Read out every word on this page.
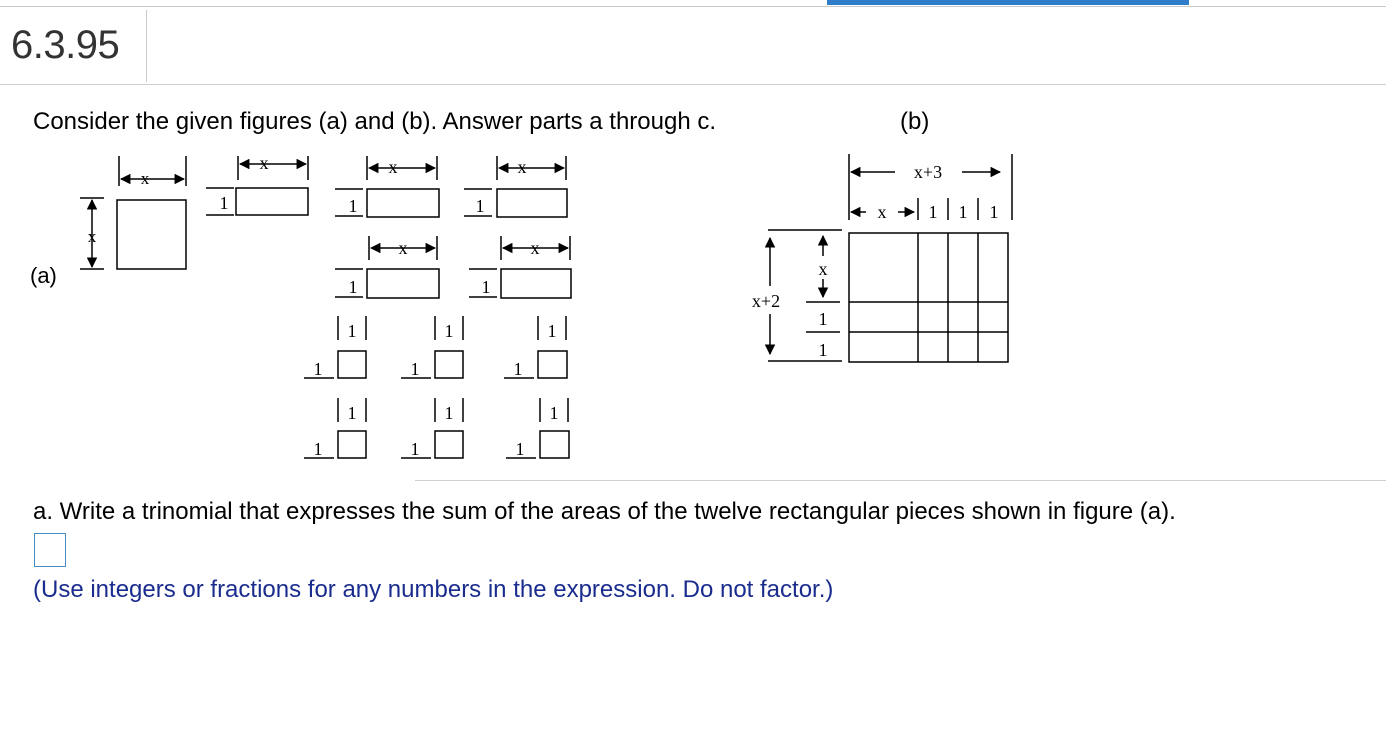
6.3.95
Consider the given figures (a) and (b). Answer parts a through c.
x
x
x
1
x
1
x
1
x
1
x
1
1
1
1
1
1
1
1
1
1
1
1
1
(a)
x+3
x 1 1 1
x+2
x
1
1
(b)
a. Write a trinomial that expresses the sum of the areas of the twelve rectangular pieces shown in figure (a).
(Use integers or fractions for any numbers in the expression. Do not factor.)
